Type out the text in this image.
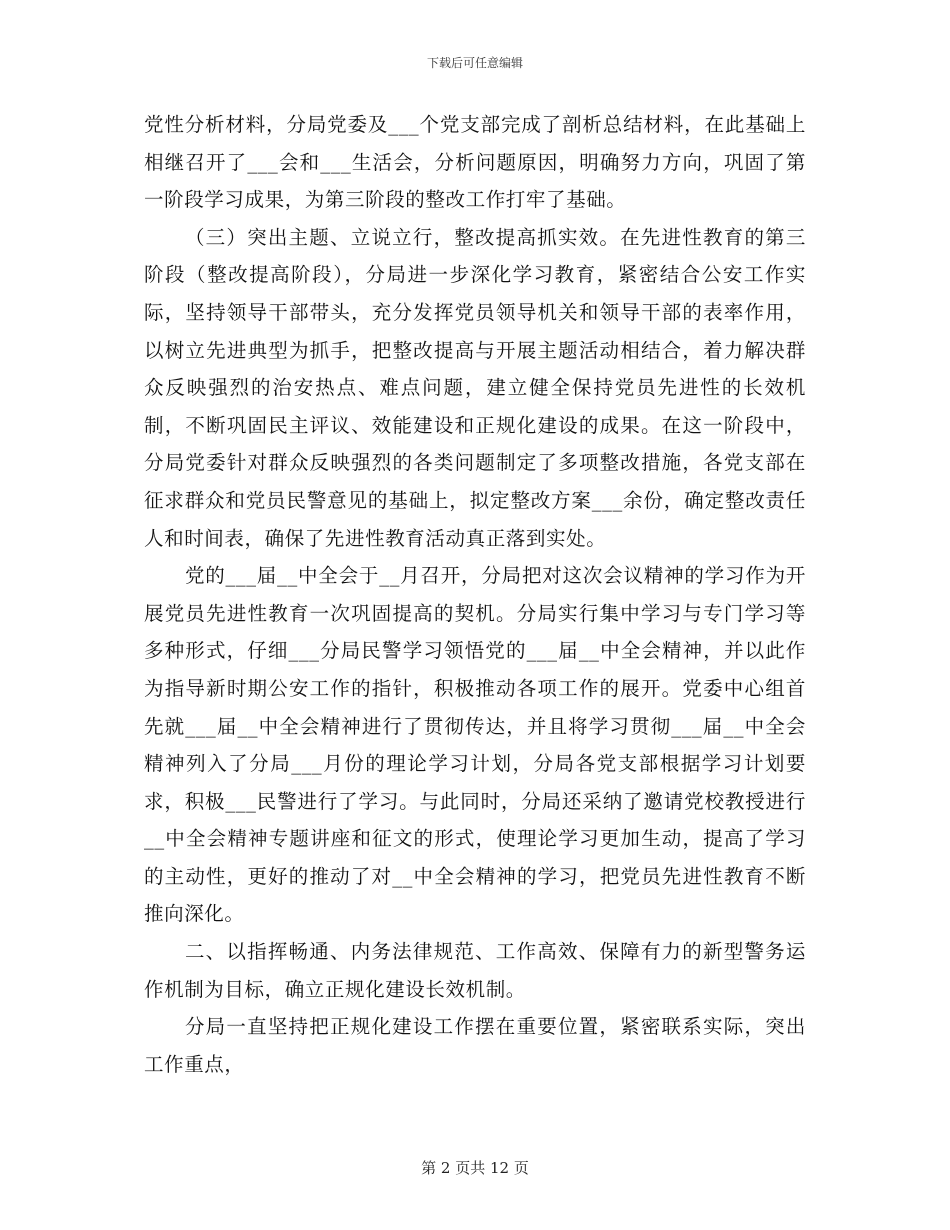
下载后可任意编辑

党性分析材料，分局党委及___个党支部完成了剖析总结材料，在此基础上相继召开了___会和___生活会，分析问题原因，明确努力方向，巩固了第一阶段学习成果，为第三阶段的整改工作打牢了基础。

（三）突出主题、立说立行，整改提高抓实效。在先进性教育的第三阶段（整改提高阶段），分局进一步深化学习教育，紧密结合公安工作实际，坚持领导干部带头，充分发挥党员领导机关和领导干部的表率作用，以树立先进典型为抓手，把整改提高与开展主题活动相结合，着力解决群众反映强烈的治安热点、难点问题，建立健全保持党员先进性的长效机制，不断巩固民主评议、效能建设和正规化建设的成果。在这一阶段中，分局党委针对群众反映强烈的各类问题制定了多项整改措施，各党支部在征求群众和党员民警意见的基础上，拟定整改方案___余份，确定整改责任人和时间表，确保了先进性教育活动真正落到实处。

党的___届__中全会于__月召开，分局把对这次会议精神的学习作为开展党员先进性教育一次巩固提高的契机。分局实行集中学习与专门学习等多种形式，仔细___分局民警学习领悟党的___届__中全会精神，并以此作为指导新时期公安工作的指针，积极推动各项工作的展开。党委中心组首先就___届__中全会精神进行了贯彻传达，并且将学习贯彻___届__中全会精神列入了分局___月份的理论学习计划，分局各党支部根据学习计划要求，积极___民警进行了学习。与此同时，分局还采纳了邀请党校教授进行__中全会精神专题讲座和征文的形式，使理论学习更加生动，提高了学习的主动性，更好的推动了对__中全会精神的学习，把党员先进性教育不断推向深化。

二、以指挥畅通、内务法律规范、工作高效、保障有力的新型警务运作机制为目标，确立正规化建设长效机制。

分局一直坚持把正规化建设工作摆在重要位置，紧密联系实际，突出工作重点，

第 2 页共 12 页
